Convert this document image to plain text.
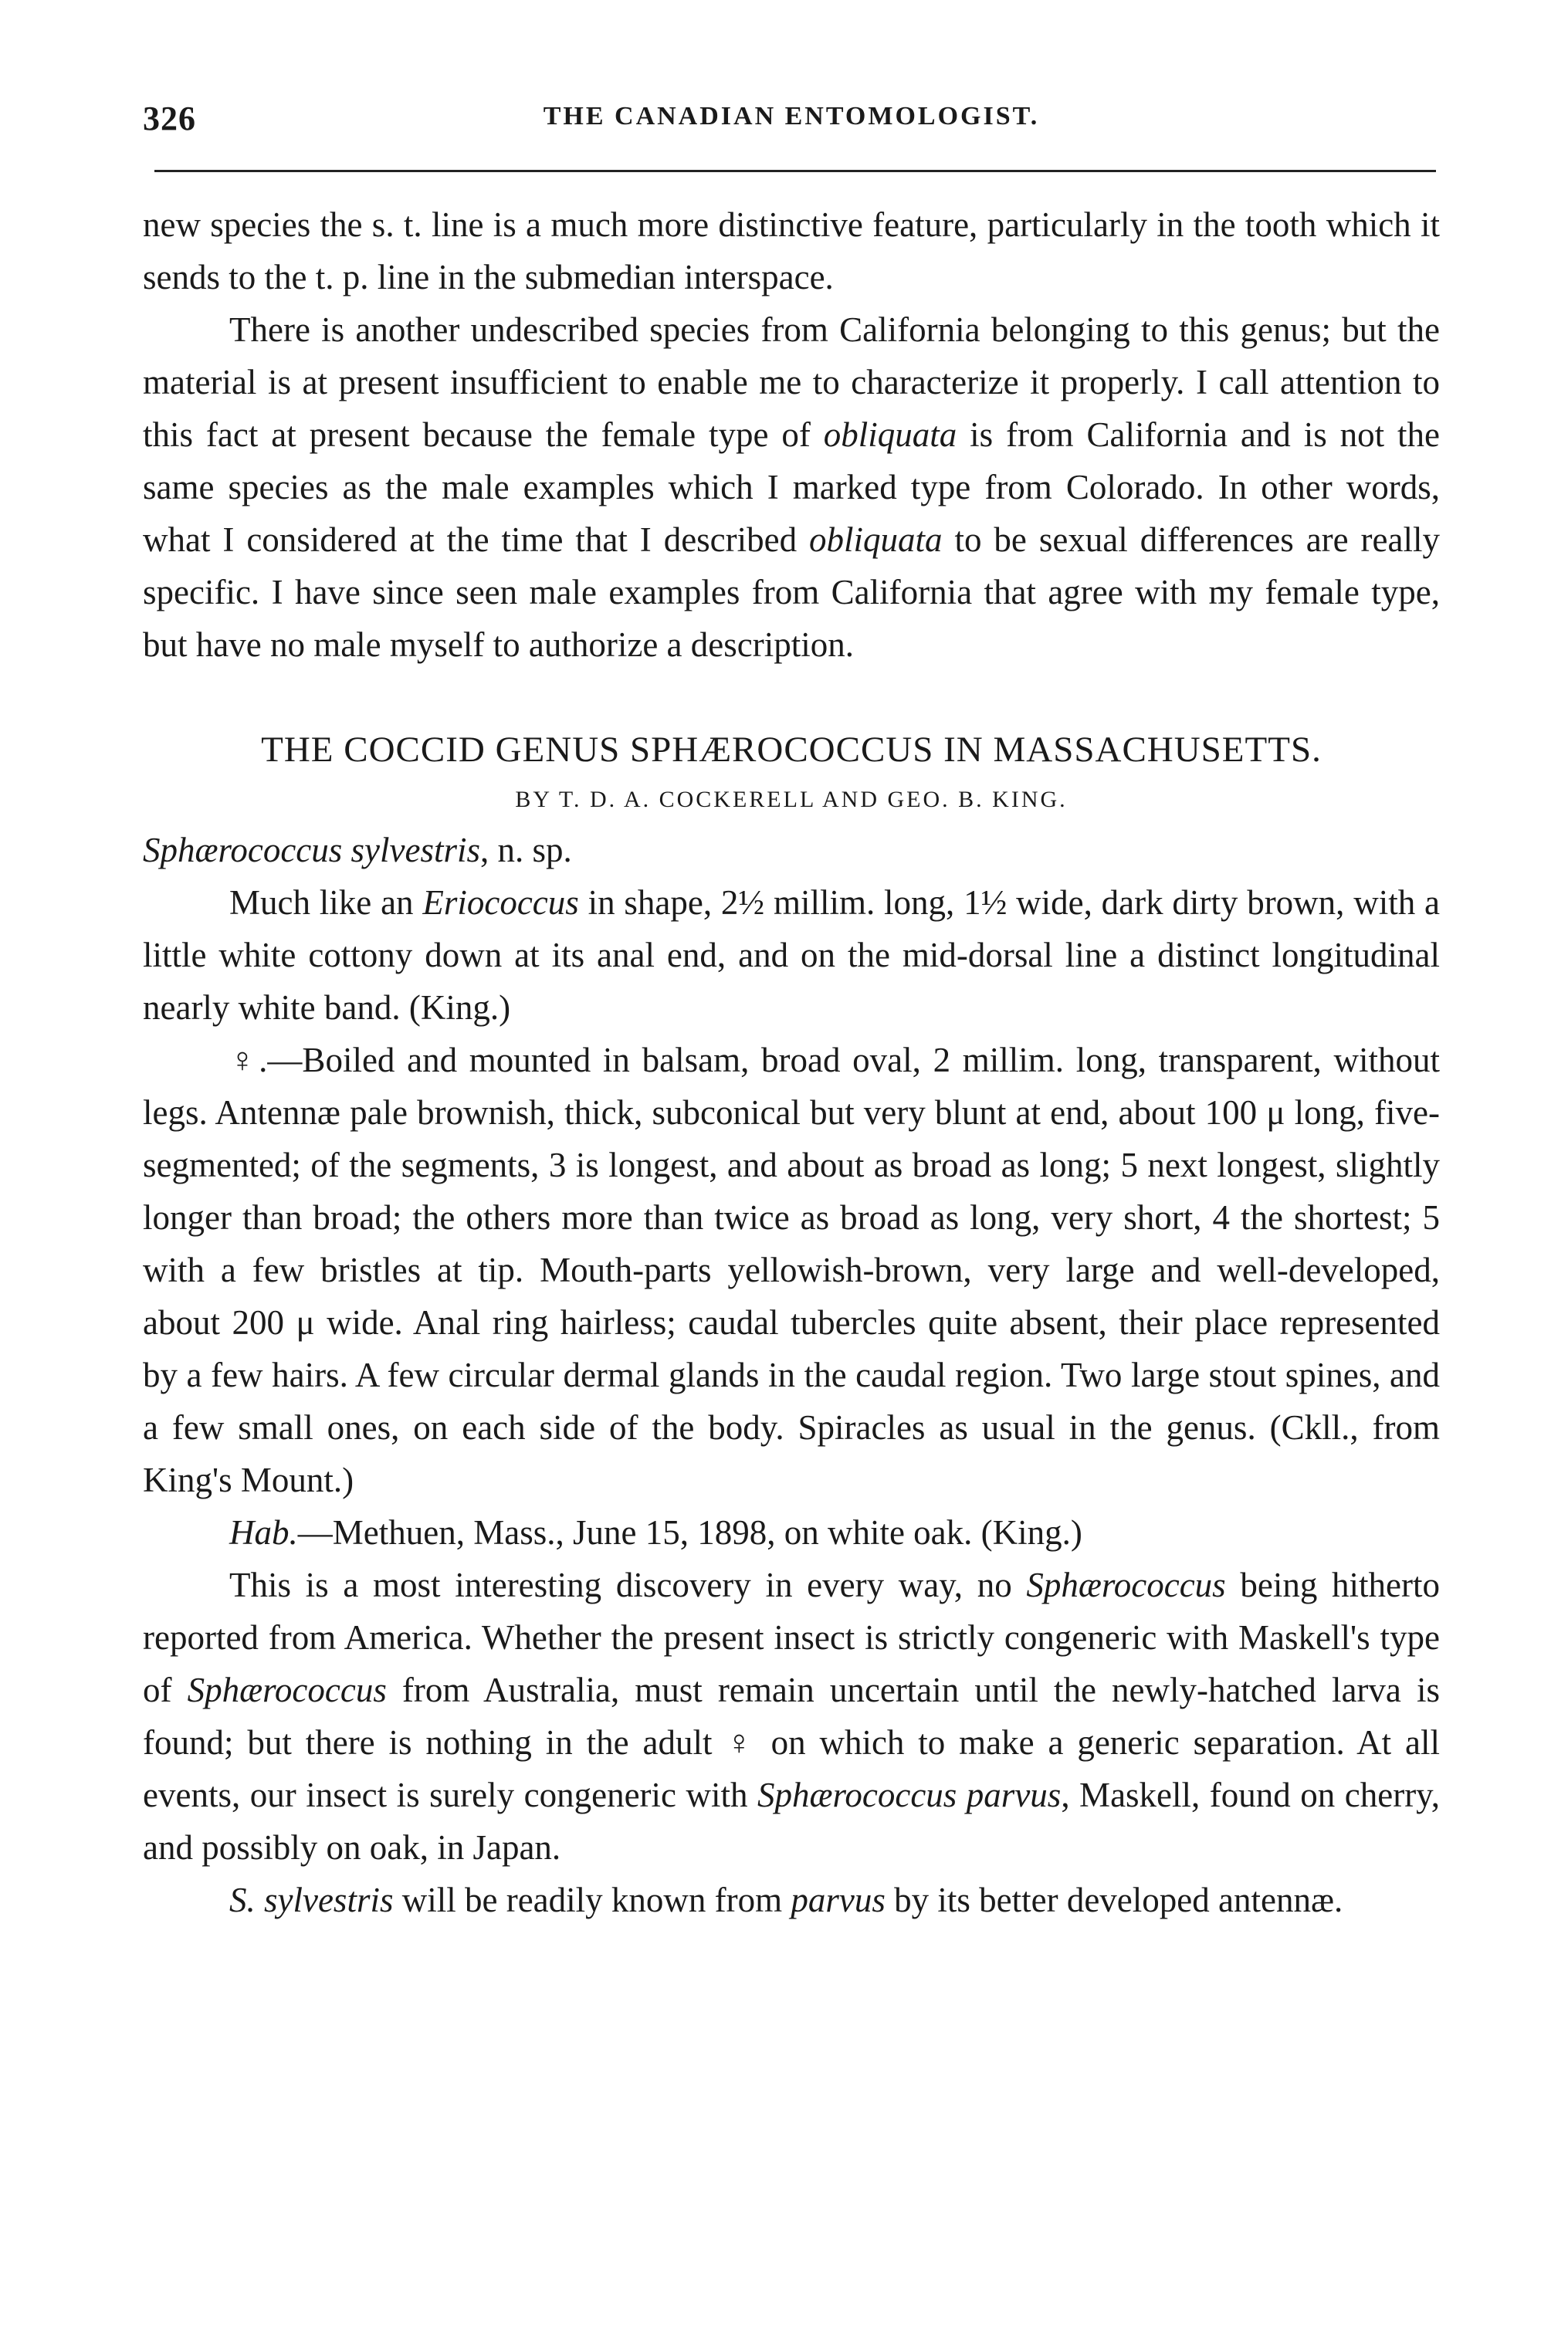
326	THE CANADIAN ENTOMOLOGIST.

new species the s. t. line is a much more distinctive feature, particularly in the tooth which it sends to the t. p. line in the submedian interspace.

There is another undescribed species from California belonging to this genus; but the material is at present insufficient to enable me to characterize it properly. I call attention to this fact at present because the female type of obliquata is from California and is not the same species as the male examples which I marked type from Colorado. In other words, what I considered at the time that I described obliquata to be sexual differences are really specific. I have since seen male examples from California that agree with my female type, but have no male myself to authorize a description.

THE COCCID GENUS SPHÆROCOCCUS IN MASSACHUSETTS.
BY T. D. A. COCKERELL AND GEO. B. KING.

Sphærococcus sylvestris, n. sp.

Much like an Eriococcus in shape, 2½ millim. long, 1½ wide, dark dirty brown, with a little white cottony down at its anal end, and on the mid-dorsal line a distinct longitudinal nearly white band. (King.)

♀.—Boiled and mounted in balsam, broad oval, 2 millim. long, transparent, without legs. Antennæ pale brownish, thick, subconical but very blunt at end, about 100 μ long, five-segmented; of the segments, 3 is longest, and about as broad as long; 5 next longest, slightly longer than broad; the others more than twice as broad as long, very short, 4 the shortest; 5 with a few bristles at tip. Mouth-parts yellowish-brown, very large and well-developed, about 200 μ wide. Anal ring hairless; caudal tubercles quite absent, their place represented by a few hairs. A few circular dermal glands in the caudal region. Two large stout spines, and a few small ones, on each side of the body. Spiracles as usual in the genus. (Ckll., from King's Mount.)

Hab.—Methuen, Mass., June 15, 1898, on white oak. (King.)

This is a most interesting discovery in every way, no Sphærococcus being hitherto reported from America. Whether the present insect is strictly congeneric with Maskell's type of Sphærococcus from Australia, must remain uncertain until the newly-hatched larva is found; but there is nothing in the adult ♀ on which to make a generic separation. At all events, our insect is surely congeneric with Sphærococcus parvus, Maskell, found on cherry, and possibly on oak, in Japan.

S. sylvestris will be readily known from parvus by its better developed antennæ.
